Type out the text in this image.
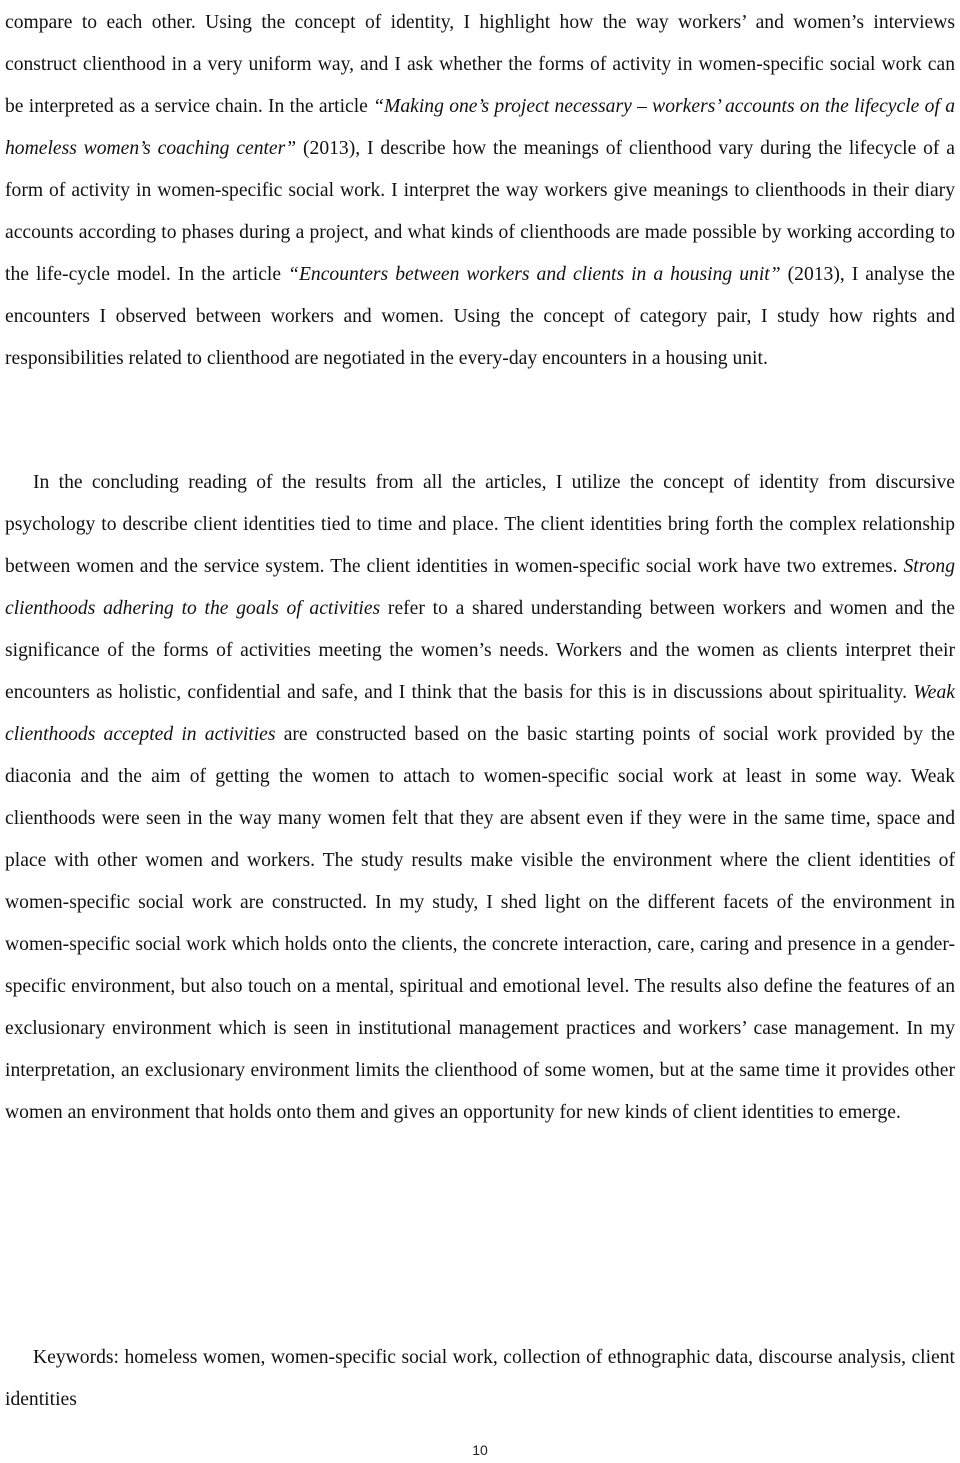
compare to each other. Using the concept of identity, I highlight how the way workers’ and women’s interviews construct clienthood in a very uniform way, and I ask whether the forms of activity in women-specific social work can be interpreted as a service chain. In the article “Making one’s project necessary – workers’ accounts on the lifecycle of a homeless women’s coaching center” (2013), I describe how the meanings of clienthood vary during the lifecycle of a form of activity in women-specific social work. I interpret the way workers give meanings to clienthoods in their diary accounts according to phases during a project, and what kinds of clienthoods are made possible by working according to the life-cycle model. In the article “Encounters between workers and clients in a housing unit” (2013), I analyse the encounters I observed between workers and women. Using the concept of category pair, I study how rights and responsibilities related to clienthood are negotiated in the every-day encounters in a housing unit.

In the concluding reading of the results from all the articles, I utilize the concept of identity from discursive psychology to describe client identities tied to time and place. The client identities bring forth the complex relationship between women and the service system. The client identities in women-specific social work have two extremes. Strong clienthoods adhering to the goals of activities refer to a shared understanding between workers and women and the significance of the forms of activities meeting the women’s needs. Workers and the women as clients interpret their encounters as holistic, confidential and safe, and I think that the basis for this is in discussions about spirituality. Weak clienthoods accepted in activities are constructed based on the basic starting points of social work provided by the diaconia and the aim of getting the women to attach to women-specific social work at least in some way. Weak clienthoods were seen in the way many women felt that they are absent even if they were in the same time, space and place with other women and workers. The study results make visible the environment where the client identities of women-specific social work are constructed. In my study, I shed light on the different facets of the environment in women-specific social work which holds onto the clients, the concrete interaction, care, caring and presence in a gender-specific environment, but also touch on a mental, spiritual and emotional level. The results also define the features of an exclusionary environment which is seen in institutional management practices and workers’ case management. In my interpretation, an exclusionary environment limits the clienthood of some women, but at the same time it provides other women an environment that holds onto them and gives an opportunity for new kinds of client identities to emerge.

Keywords: homeless women, women-specific social work, collection of ethnographic data, discourse analysis, client identities

10
